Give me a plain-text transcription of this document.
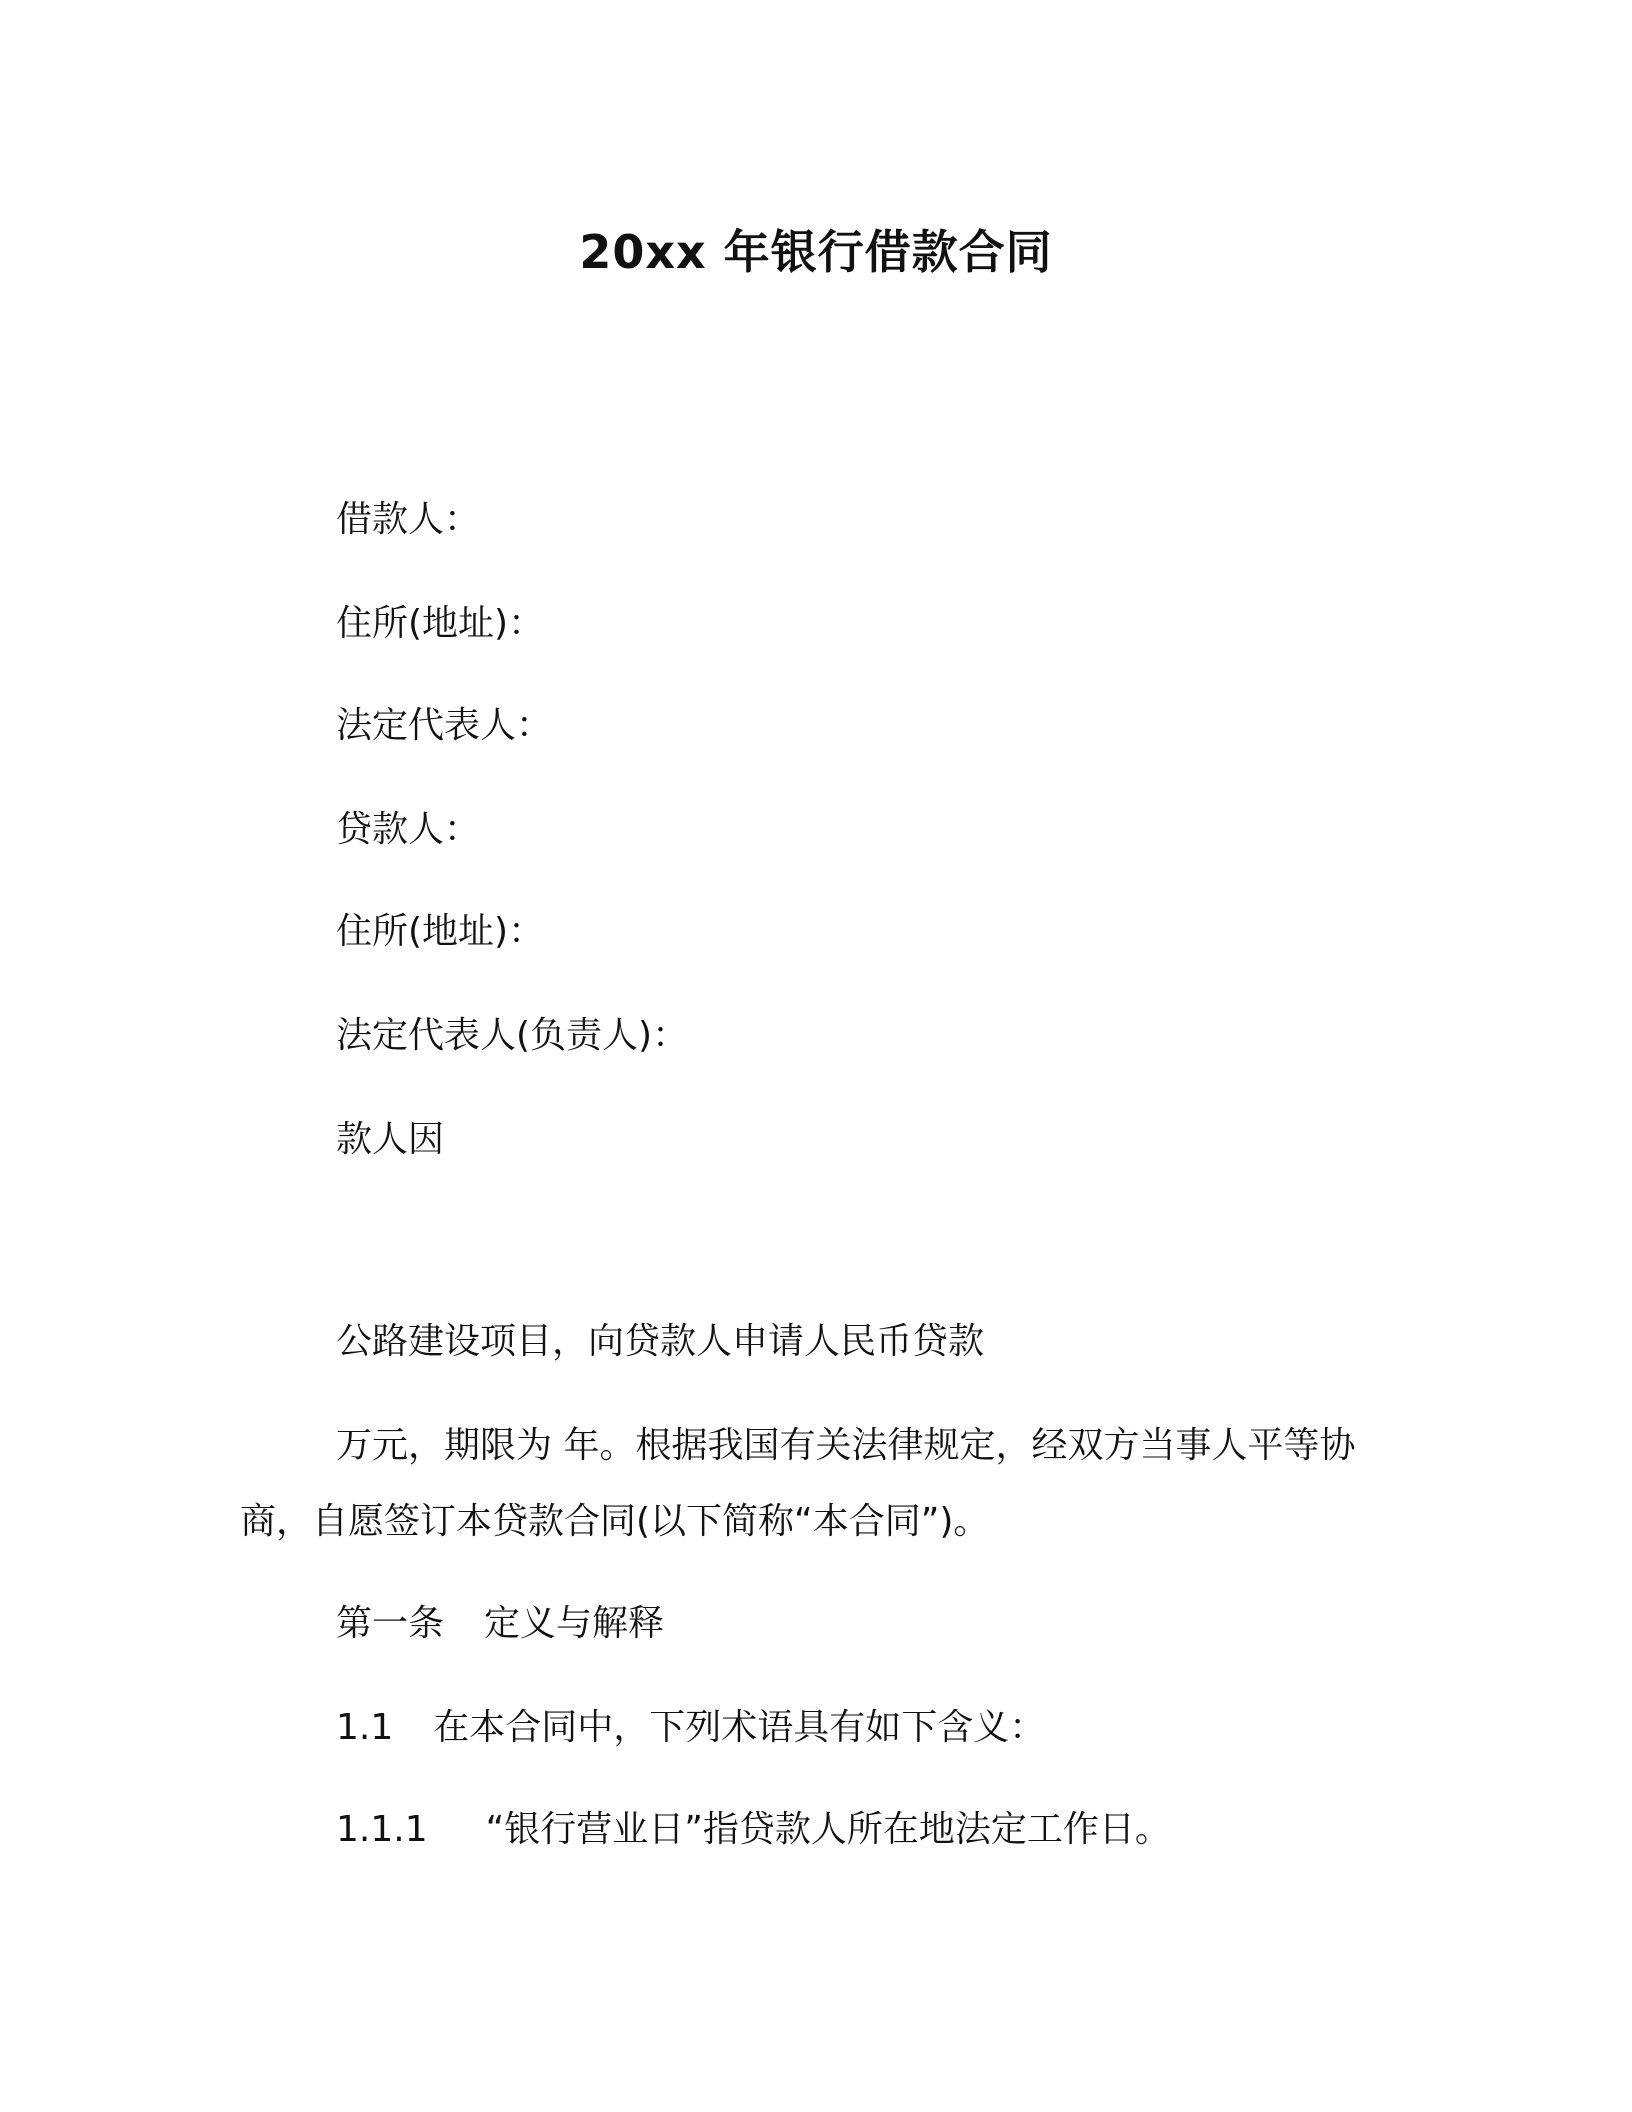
20xx 年银行借款合同
借款人：
住所(地址)：
法定代表人：
贷款人：
住所(地址)：
法定代表人(负责人)：
款人因
公路建设项目，向贷款人申请人民币贷款
万元，期限为 年。根据我国有关法律规定，经双方当事人平等协
商，自愿签订本贷款合同(以下简称“本合同”)。
第一条 定义与解释
1.1 在本合同中，下列术语具有如下含义：
1.1.1 “银行营业日”指贷款人所在地法定工作日。
